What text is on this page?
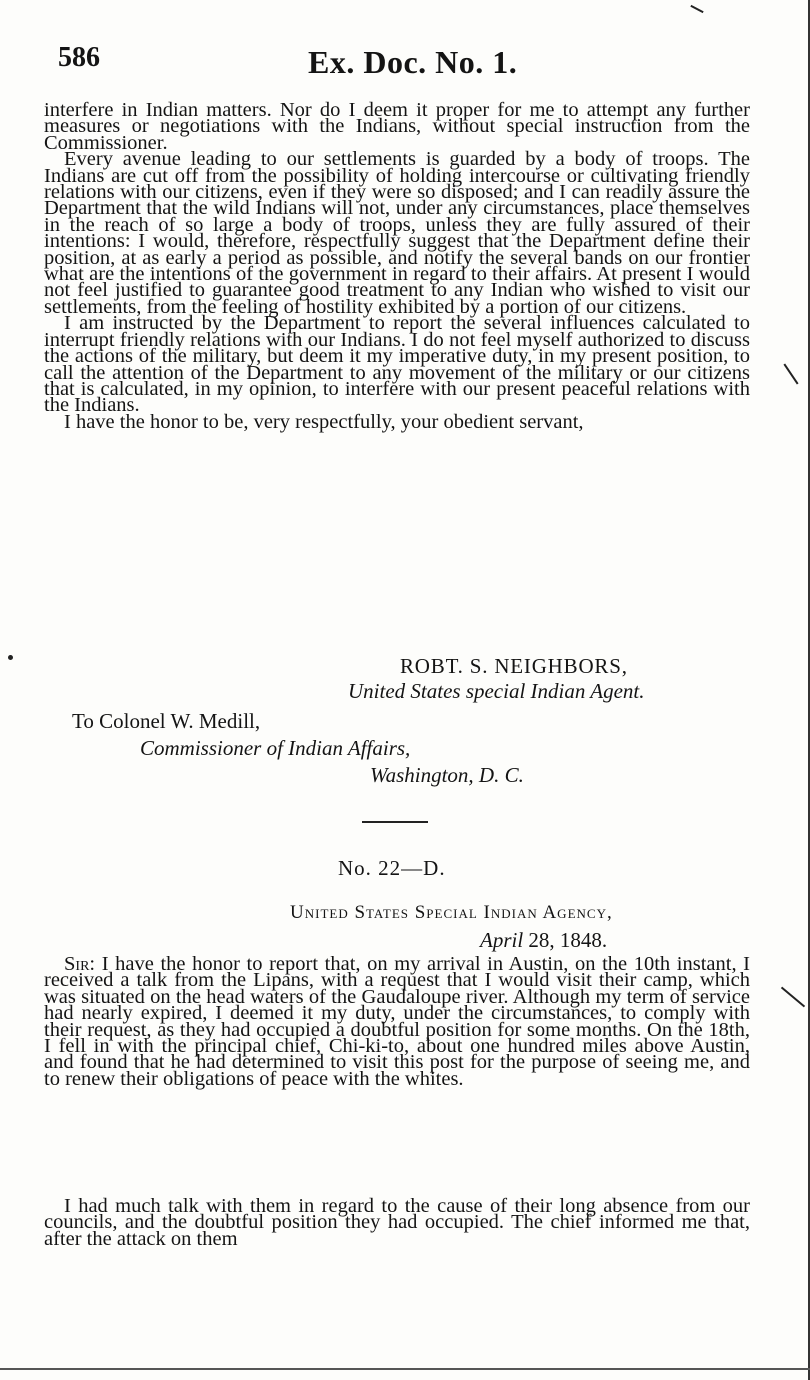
586	Ex. Doc. No. 1.

interfere in Indian matters. Nor do I deem it proper for me to attempt any further measures or negotiations with the Indians, without special instruction from the Commissioner.

Every avenue leading to our settlements is guarded by a body of troops. The Indians are cut off from the possibility of holding intercourse or cultivating friendly relations with our citizens, even if they were so disposed; and I can readily assure the Department that the wild Indians will not, under any circumstances, place themselves in the reach of so large a body of troops, unless they are fully assured of their intentions: I would, therefore, respectfully suggest that the Department define their position, at as early a period as possible, and notify the several bands on our frontier what are the intentions of the government in regard to their affairs. At present I would not feel justified to guarantee good treatment to any Indian who wished to visit our settlements, from the feeling of hostility exhibited by a portion of our citizens.

I am instructed by the Department to report the several influences calculated to interrupt friendly relations with our Indians. I do not feel myself authorized to discuss the actions of the military, but deem it my imperative duty, in my present position, to call the attention of the Department to any movement of the military or our citizens that is calculated, in my opinion, to interfere with our present peaceful relations with the Indians.

I have the honor to be, very respectfully, your obedient servant,

ROBT. S. NEIGHBORS,
United States special Indian Agent.
To Colonel W. Medill,
Commissioner of Indian Affairs,
Washington, D. C.
No. 22—D.
United States Special Indian Agency,
April 28, 1848.

Sir: I have the honor to report that, on my arrival in Austin, on the 10th instant, I received a talk from the Lipans, with a request that I would visit their camp, which was situated on the head waters of the Gaudaloupe river. Although my term of service had nearly expired, I deemed it my duty, under the circumstances, to comply with their request, as they had occupied a doubtful position for some months. On the 18th, I fell in with the principal chief, Chi-ki-to, about one hundred miles above Austin, and found that he had determined to visit this post for the purpose of seeing me, and to renew their obligations of peace with the whites.

I had much talk with them in regard to the cause of their long absence from our councils, and the doubtful position they had occupied. The chief informed me that, after the attack on them
